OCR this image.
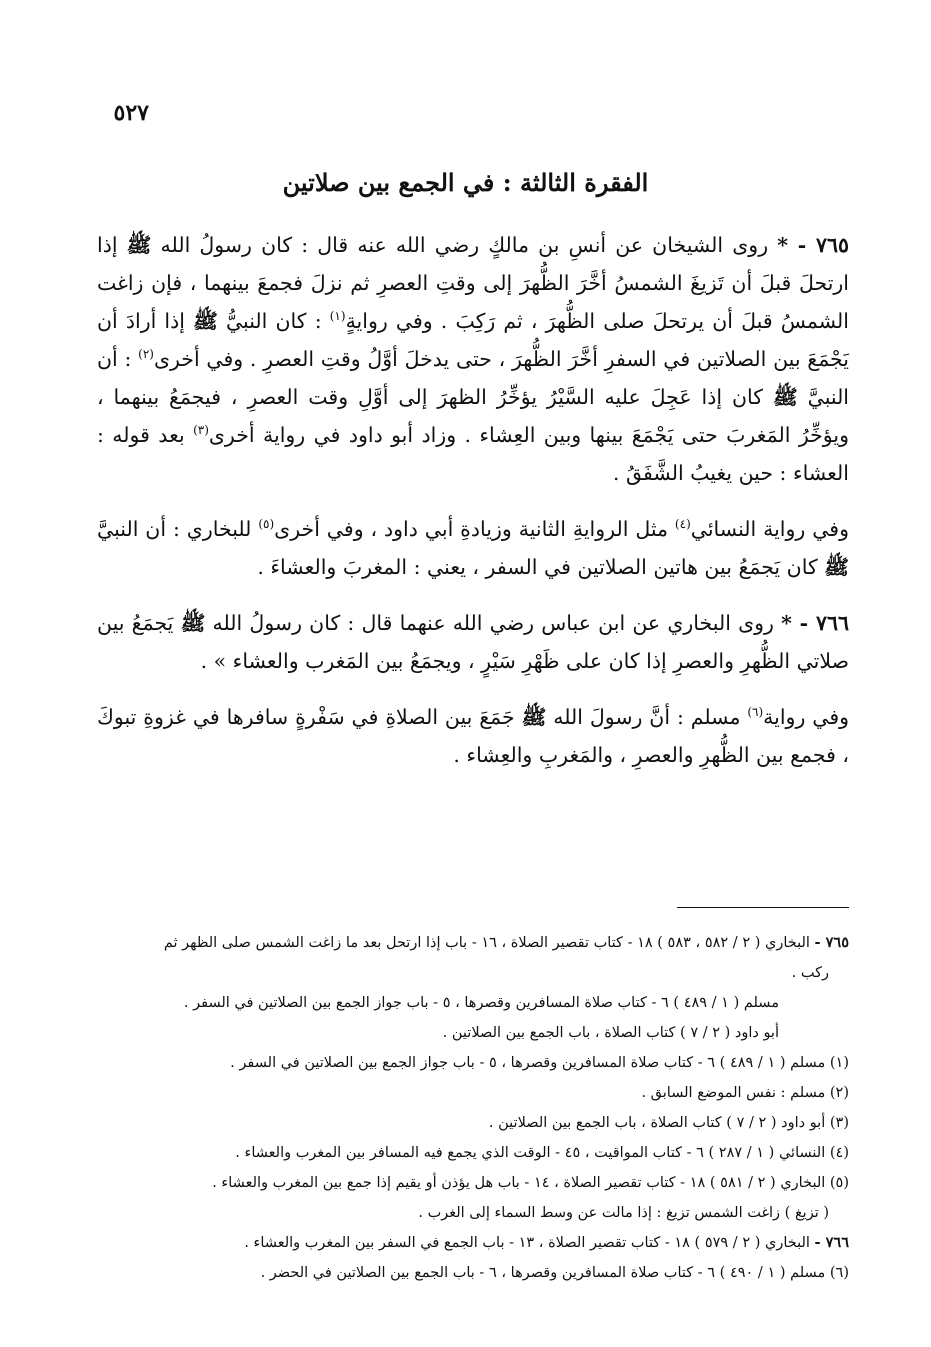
٥٢٧
الفقرة الثالثة : في الجمع بين صلاتين

٧٦٥ - * روى الشيخان عن أنسِ بن مالكٍ رضي الله عنه قال : كان رسولُ الله ﷺ إذا ارتحلَ قبلَ أن تَزيغَ الشمسُ أخَّرَ الظُّهرَ إلى وقتِ العصرِ ثم نزلَ فجمعَ بينهما ، فإن زاغت الشمسُ قبلَ أن يرتحلَ صلى الظُّهرَ ، ثم رَكِبَ . وفي روايةٍ$^{(١)}$ : كان النبيُّ ﷺ إذا أرادَ أن يَجْمَعَ بين الصلاتين في السفرِ أخَّرَ الظُّهرَ ، حتى يدخلَ أوَّلُ وقتِ العصرِ . وفي أخرى$^{(٢)}$ : أن النبيَّ ﷺ كان إذا عَجِلَ عليه السَّيْرُ يؤخِّرُ الظهرَ إلى أوَّلِ وقت العصرِ ، فيجمَعُ بينهما ، ويؤخِّرُ المَغربَ حتى يَجْمَعَ بينها وبين العِشاء . وزاد أبو داود في رواية أخرى$^{(٣)}$ بعد قوله : العشاء : حين يغيبُ الشَّفَقُ .

وفي رواية النسائي$^{(٤)}$ مثل الروايةِ الثانية وزيادةِ أبي داود ، وفي أخرى$^{(٥)}$ للبخاري : أن النبيَّ ﷺ كان يَجمَعُ بين هاتين الصلاتين في السفر ، يعني : المغربَ والعشاءَ .

٧٦٦ - * روى البخاري عن ابن عباس رضي الله عنهما قال : كان رسولُ الله ﷺ يَجمَعُ بين صلاتي الظُّهرِ والعصرِ إذا كان على ظَهْرِ سَيْرٍ ، ويجمَعُ بين المَغرب والعشاء » .

وفي رواية$^{(٦)}$ مسلم : أنَّ رسولَ الله ﷺ جَمَعَ بين الصلاةِ في سَفْرةٍ سافرها في غزوةِ تبوكَ ، فجمع بين الظُّهرِ والعصرِ ، والمَغربِ والعِشاء .

٧٦٥ - البخاري ( ٢ / ٥٨٢ ، ٥٨٣ ) ١٨ - كتاب تقصير الصلاة ، ١٦ - باب إذا ارتحل بعد ما زاغت الشمس صلى الظهر ثم

ركب .

مسلم ( ١ / ٤٨٩ ) ٦ - كتاب صلاة المسافرين وقصرها ، ٥ - باب جواز الجمع بين الصلاتين في السفر .

أبو داود ( ٢ / ٧ ) كتاب الصلاة ، باب الجمع بين الصلاتين .

(١) مسلم ( ١ / ٤٨٩ ) ٦ - كتاب صلاة المسافرين وقصرها ، ٥ - باب جواز الجمع بين الصلاتين في السفر .

(٢) مسلم : نفس الموضع السابق .

(٣) أبو داود ( ٢ / ٧ ) كتاب الصلاة ، باب الجمع بين الصلاتين .

(٤) النسائي ( ١ / ٢٨٧ ) ٦ - كتاب المواقيت ، ٤٥ - الوقت الذي يجمع فيه المسافر بين المغرب والعشاء .

(٥) البخاري ( ٢ / ٥٨١ ) ١٨ - كتاب تقصير الصلاة ، ١٤ - باب هل يؤذن أو يقيم إذا جمع بين المغرب والعشاء .

( تزيغ ) زاغت الشمس تزيغ : إذا مالت عن وسط السماء إلى الغرب .

٧٦٦ - البخاري ( ٢ / ٥٧٩ ) ١٨ - كتاب تقصير الصلاة ، ١٣ - باب الجمع في السفر بين المغرب والعشاء .

(٦) مسلم ( ١ / ٤٩٠ ) ٦ - كتاب صلاة المسافرين وقصرها ، ٦ - باب الجمع بين الصلاتين في الحضر .
